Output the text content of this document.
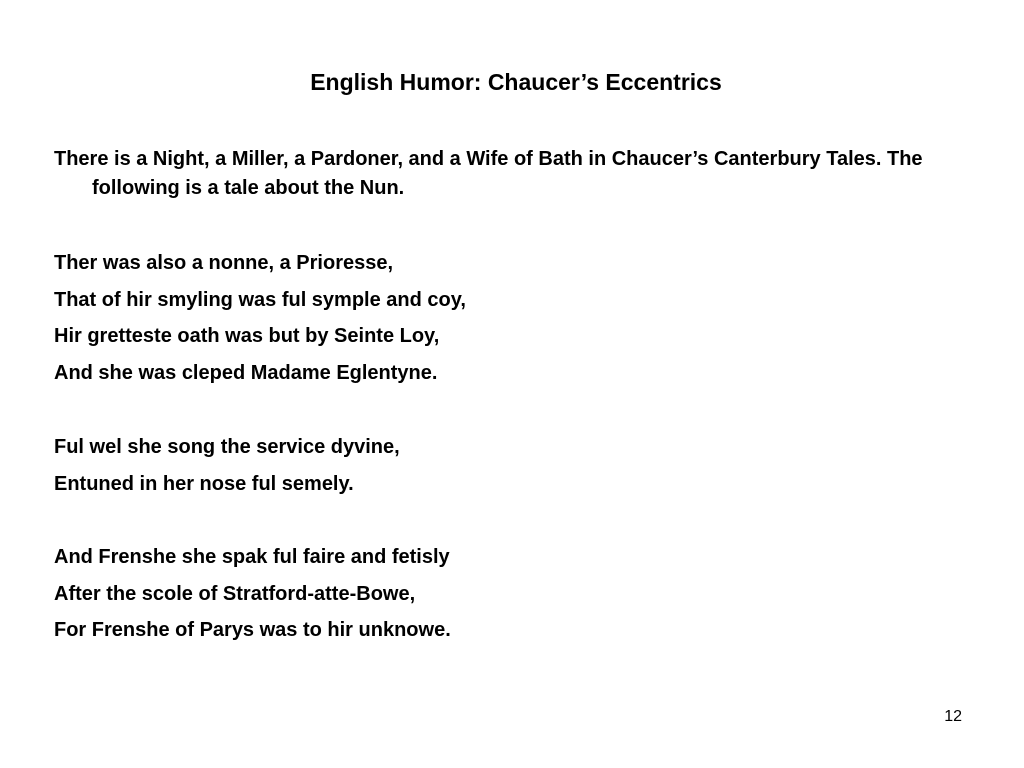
English Humor: Chaucer’s Eccentrics
There is a Night, a Miller, a Pardoner, and a Wife of Bath in Chaucer’s Canterbury Tales. The following is a tale about the Nun.
Ther was also a nonne, a Prioresse,
That of hir smyling was ful symple and coy,
Hir gretteste oath was but by Seinte Loy,
And she was cleped Madame Eglentyne.
Ful wel she song the service dyvine,
Entuned in her nose ful semely.
And Frenshe she spak ful faire and fetisly
After the scole of Stratford-atte-Bowe,
For Frenshe of Parys was to hir unknowe.
12
